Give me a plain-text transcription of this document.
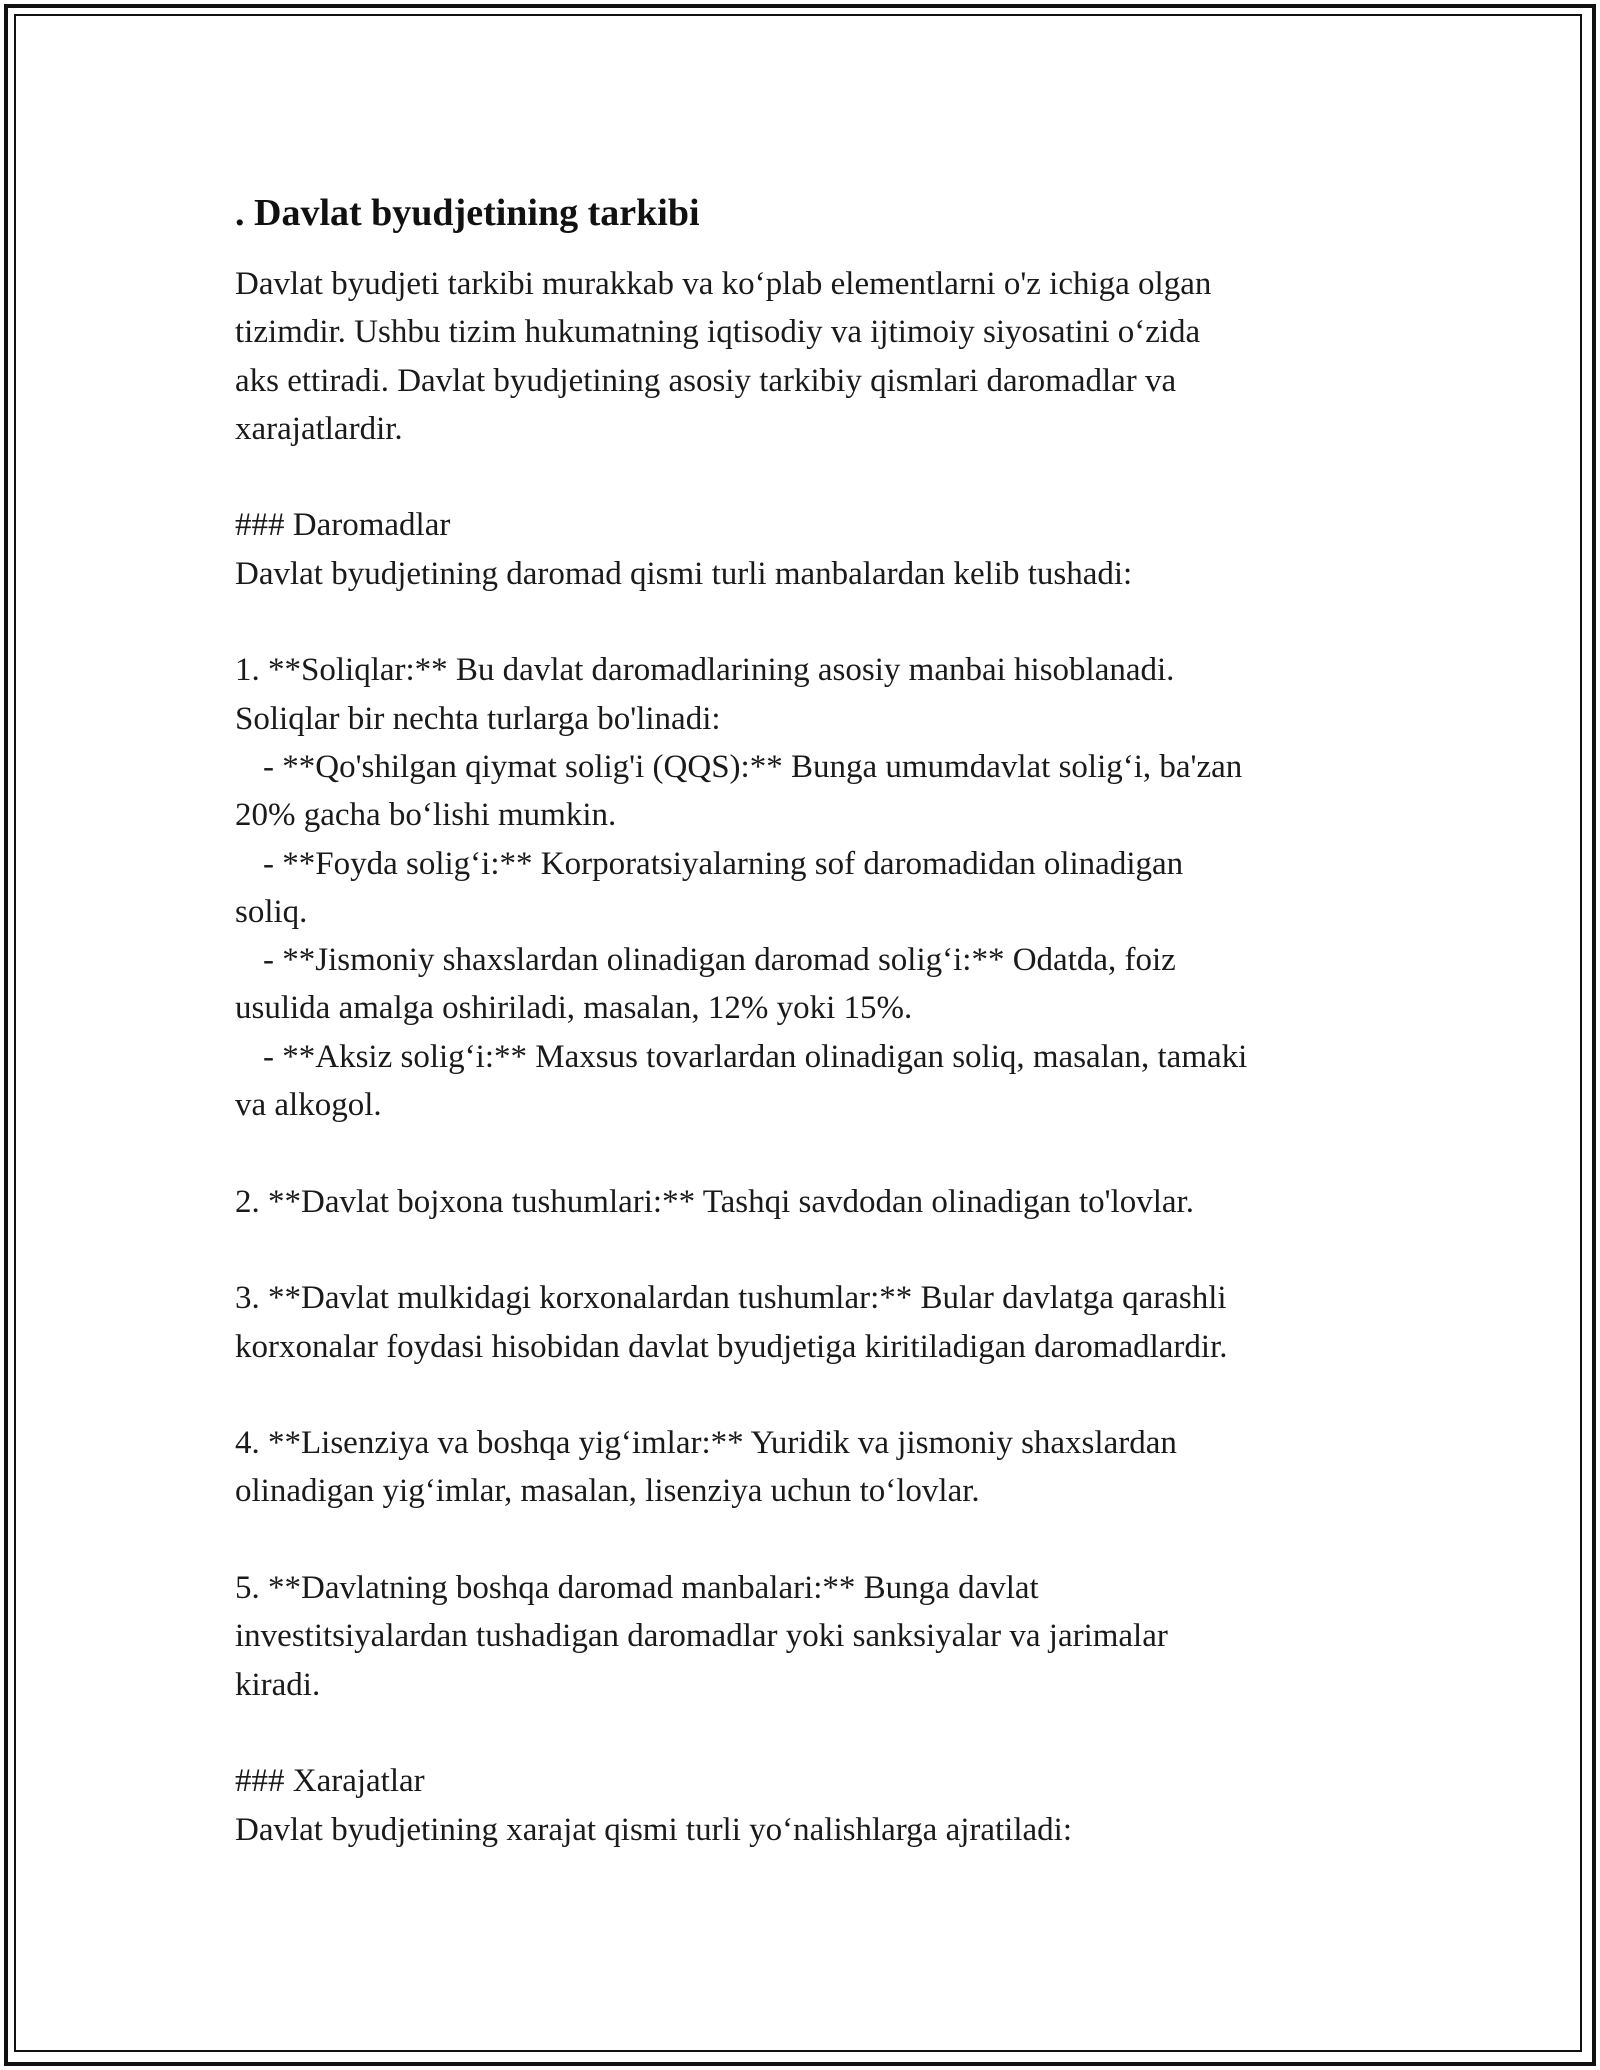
. Davlat byudjetining tarkibi

Davlat byudjeti tarkibi murakkab va ko‘plab elementlarni o'z ichiga olgan

tizimdir. Ushbu tizim hukumatning iqtisodiy va ijtimoiy siyosatini o‘zida

aks ettiradi. Davlat byudjetining asosiy tarkibiy qismlari daromadlar va

xarajatlardir.

### Daromadlar

Davlat byudjetining daromad qismi turli manbalardan kelib tushadi:

1. **Soliqlar:** Bu davlat daromadlarining asosiy manbai hisoblanadi.

Soliqlar bir nechta turlarga bo'linadi:

- **Qo'shilgan qiymat solig'i (QQS):** Bunga umumdavlat solig‘i, ba'zan

20% gacha bo‘lishi mumkin.

- **Foyda solig‘i:** Korporatsiyalarning sof daromadidan olinadigan

soliq.

- **Jismoniy shaxslardan olinadigan daromad solig‘i:** Odatda, foiz

usulida amalga oshiriladi, masalan, 12% yoki 15%.

- **Aksiz solig‘i:** Maxsus tovarlardan olinadigan soliq, masalan, tamaki

va alkogol.

2. **Davlat bojxona tushumlari:** Tashqi savdodan olinadigan to'lovlar.

3. **Davlat mulkidagi korxonalardan tushumlar:** Bular davlatga qarashli

korxonalar foydasi hisobidan davlat byudjetiga kiritiladigan daromadlardir.

4. **Lisenziya va boshqa yig‘imlar:** Yuridik va jismoniy shaxslardan

olinadigan yig‘imlar, masalan, lisenziya uchun to‘lovlar.

5. **Davlatning boshqa daromad manbalari:** Bunga davlat

investitsiyalardan tushadigan daromadlar yoki sanksiyalar va jarimalar

kiradi.

### Xarajatlar

Davlat byudjetining xarajat qismi turli yo‘nalishlarga ajratiladi:
